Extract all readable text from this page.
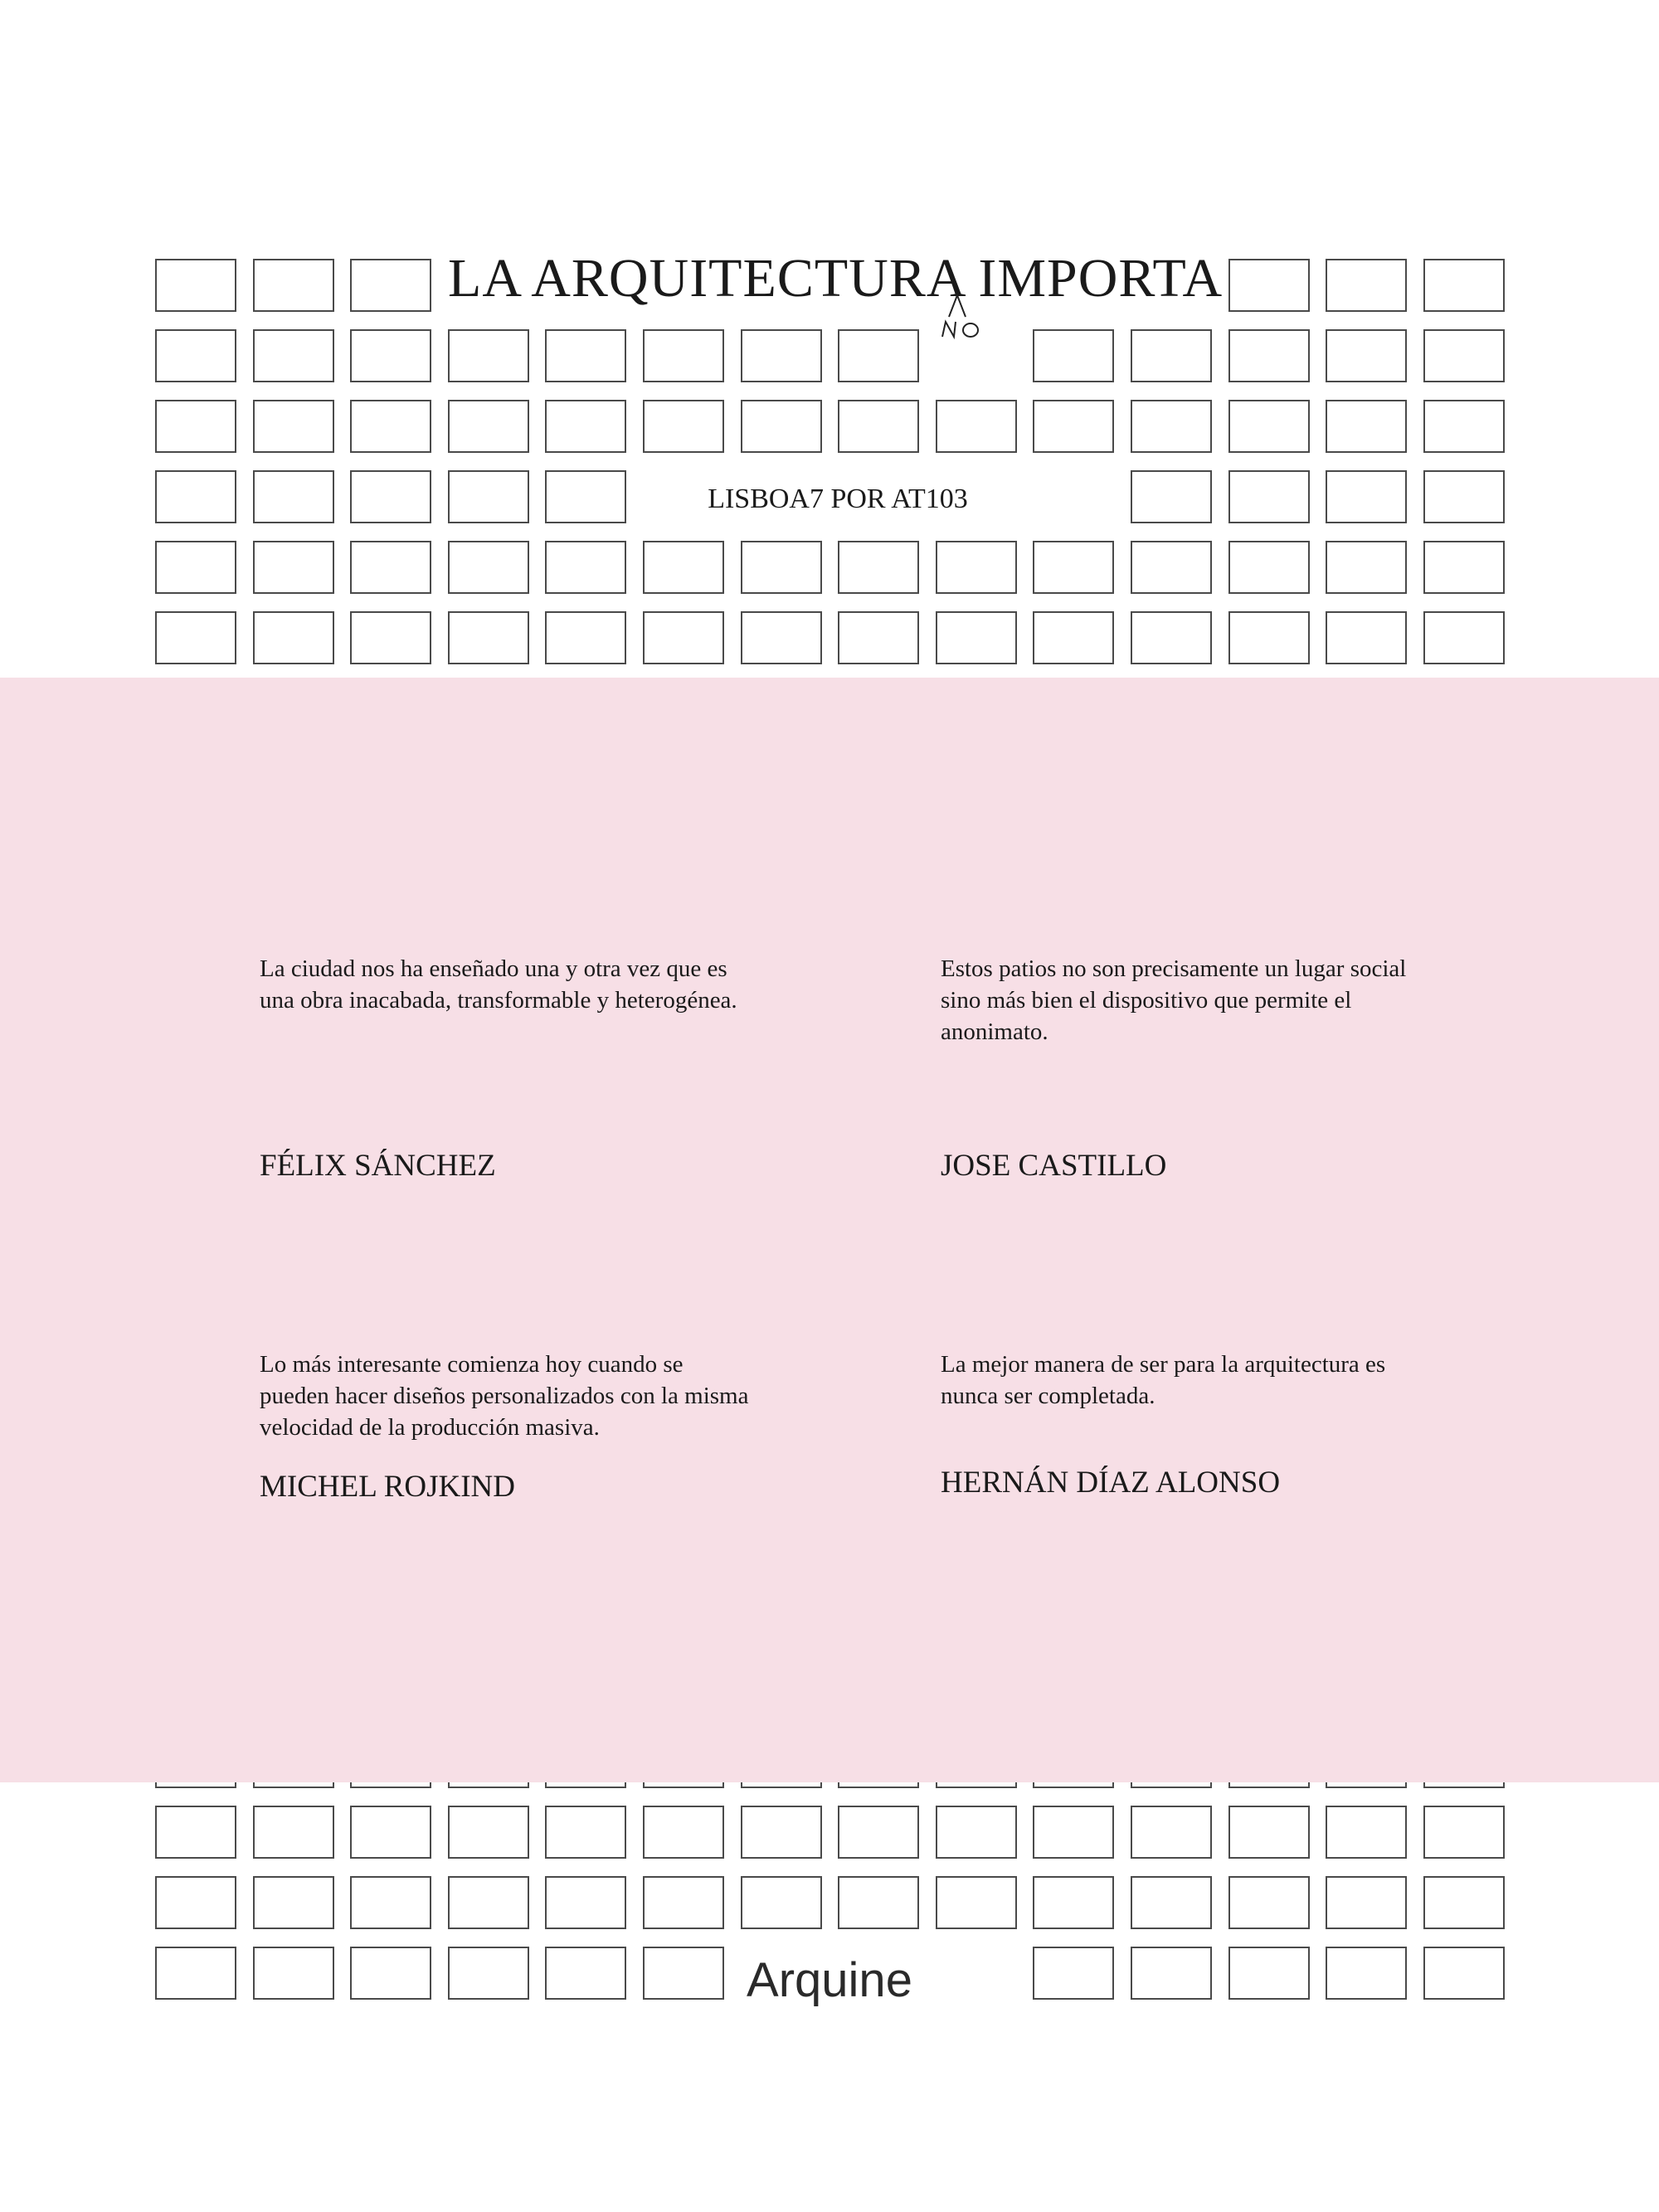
LA ARQUITECTURA IMPORTA
LISBOA7 POR AT103
La ciudad nos ha enseñado una y otra vez que es una obra inacabada, transformable y heterogénea.
FÉLIX SÁNCHEZ
Estos patios no son precisamente un lugar social sino más bien el dispositivo que permite el anonimato.
JOSE CASTILLO
Lo más interesante comienza hoy cuando se pueden hacer diseños personalizados con la misma velocidad de la producción masiva.
MICHEL ROJKIND
La mejor manera de ser para la arquitectura es nunca ser completada.
HERNÁN DÍAZ ALONSO
Arquine
